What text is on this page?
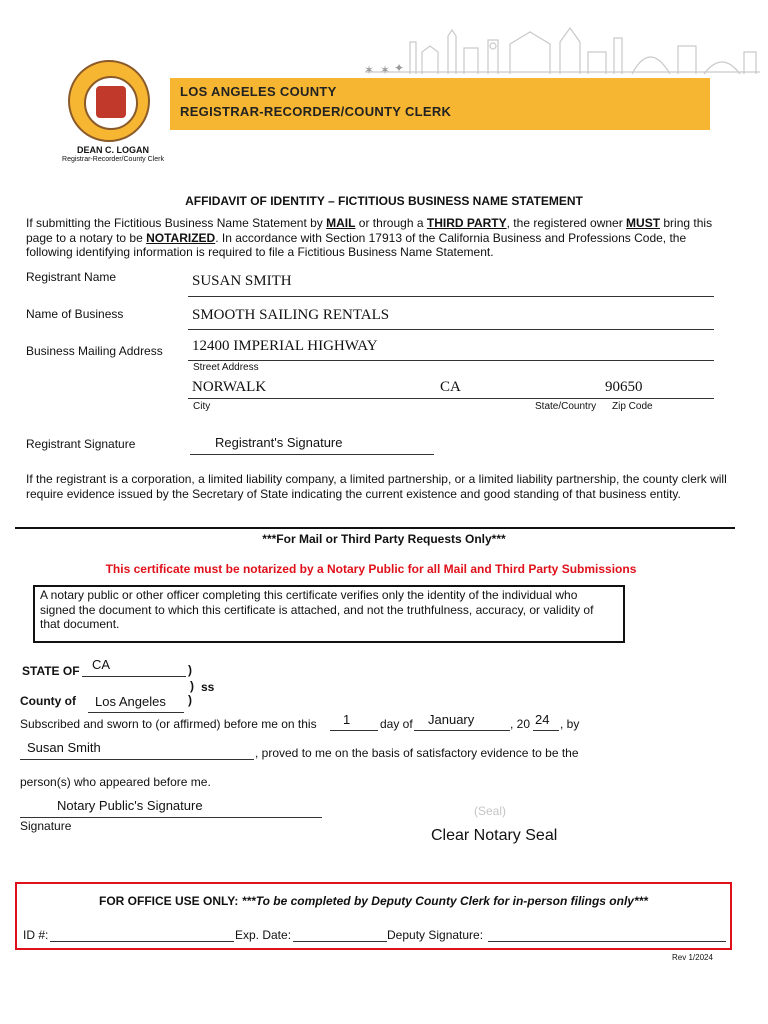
✶ ✶ ✦
LOS ANGELES COUNTY
REGISTRAR-RECORDER/COUNTY CLERK
DEAN C. LOGAN
Registrar-Recorder/County Clerk
AFFIDAVIT OF IDENTITY – FICTITIOUS BUSINESS NAME STATEMENT
If submitting the Fictitious Business Name Statement by MAIL or through a THIRD PARTY, the registered owner MUST bring this page to a notary to be NOTARIZED. In accordance with Section 17913 of the California Business and Professions Code, the following identifying information is required to file a Fictitious Business Name Statement.
Registrant Name	SUSAN SMITH
Name of Business	SMOOTH SAILING RENTALS
Business Mailing Address 12400 IMPERIAL HIGHWAY
Street Address
NORWALK	CA	90650
City	State/Country Zip Code
Registrant Signature	Registrant's Signature
If the registrant is a corporation, a limited liability company, a limited partnership, or a limited liability partnership, the county clerk will require evidence issued by the Secretary of State indicating the current existence and good standing of that business entity.
***For Mail or Third Party Requests Only***
This certificate must be notarized by a Notary Public for all Mail and Third Party Submissions
A notary public or other officer completing this certificate verifies only the identity of the individual who signed the document to which this certificate is attached, and not the truthfulness, accuracy, or validity of that document.
STATE OF CA	)
) ss
County of Los Angeles )
Subscribed and sworn to (or affirmed) before me on this 1 day of January	, 20 24 , by
Susan Smith	, proved to me on the basis of satisfactory evidence to be the
person(s) who appeared before me.
Notary Public's Signature
Signature
(Seal)
Clear Notary Seal
FOR OFFICE USE ONLY: ***To be completed by Deputy County Clerk for in-person filings only***
ID #:	Exp. Date:	Deputy Signature:
Rev 1/2024
